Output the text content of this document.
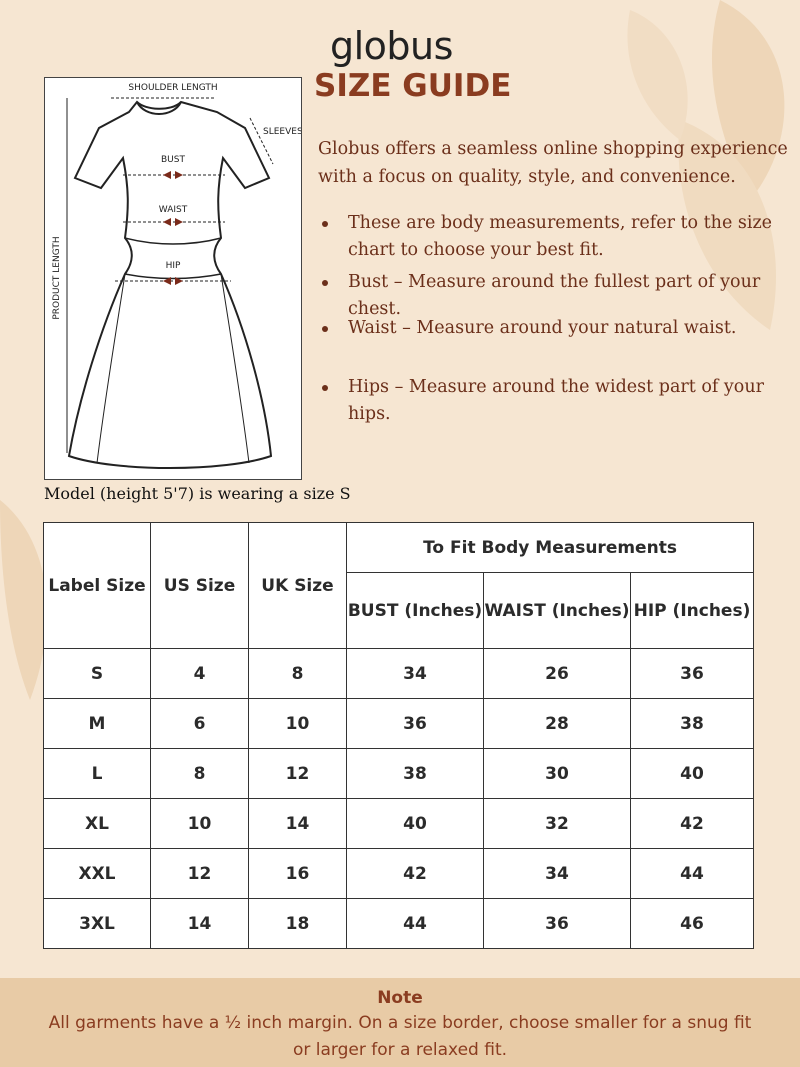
globus
SIZE GUIDE
SHOULDER LENGTH
SLEEVES
BUST
WAIST
HIP
PRODUCT LENGTH
Globus offers a seamless online shopping experience with a focus on quality, style, and convenience.
These are body measurements, refer to the size chart to choose your best fit.
Bust – Measure around the fullest part of your chest.
Waist – Measure around your natural waist.
Hips – Measure around the widest part of your hips.
Model (height 5'7) is wearing a size S
Label Size	US Size	UK Size	To Fit Body Measurements		
			BUST (Inches)	WAIST (Inches)	HIP (Inches)
S	4	8	34	26	36
M	6	10	36	28	38
L	8	12	38	30	40
XL	10	14	40	32	42
XXL	12	16	42	34	44
3XL	14	18	44	36	46
Note
All garments have a ½ inch margin. On a size border, choose smaller for a snug fit or larger for a relaxed fit.
